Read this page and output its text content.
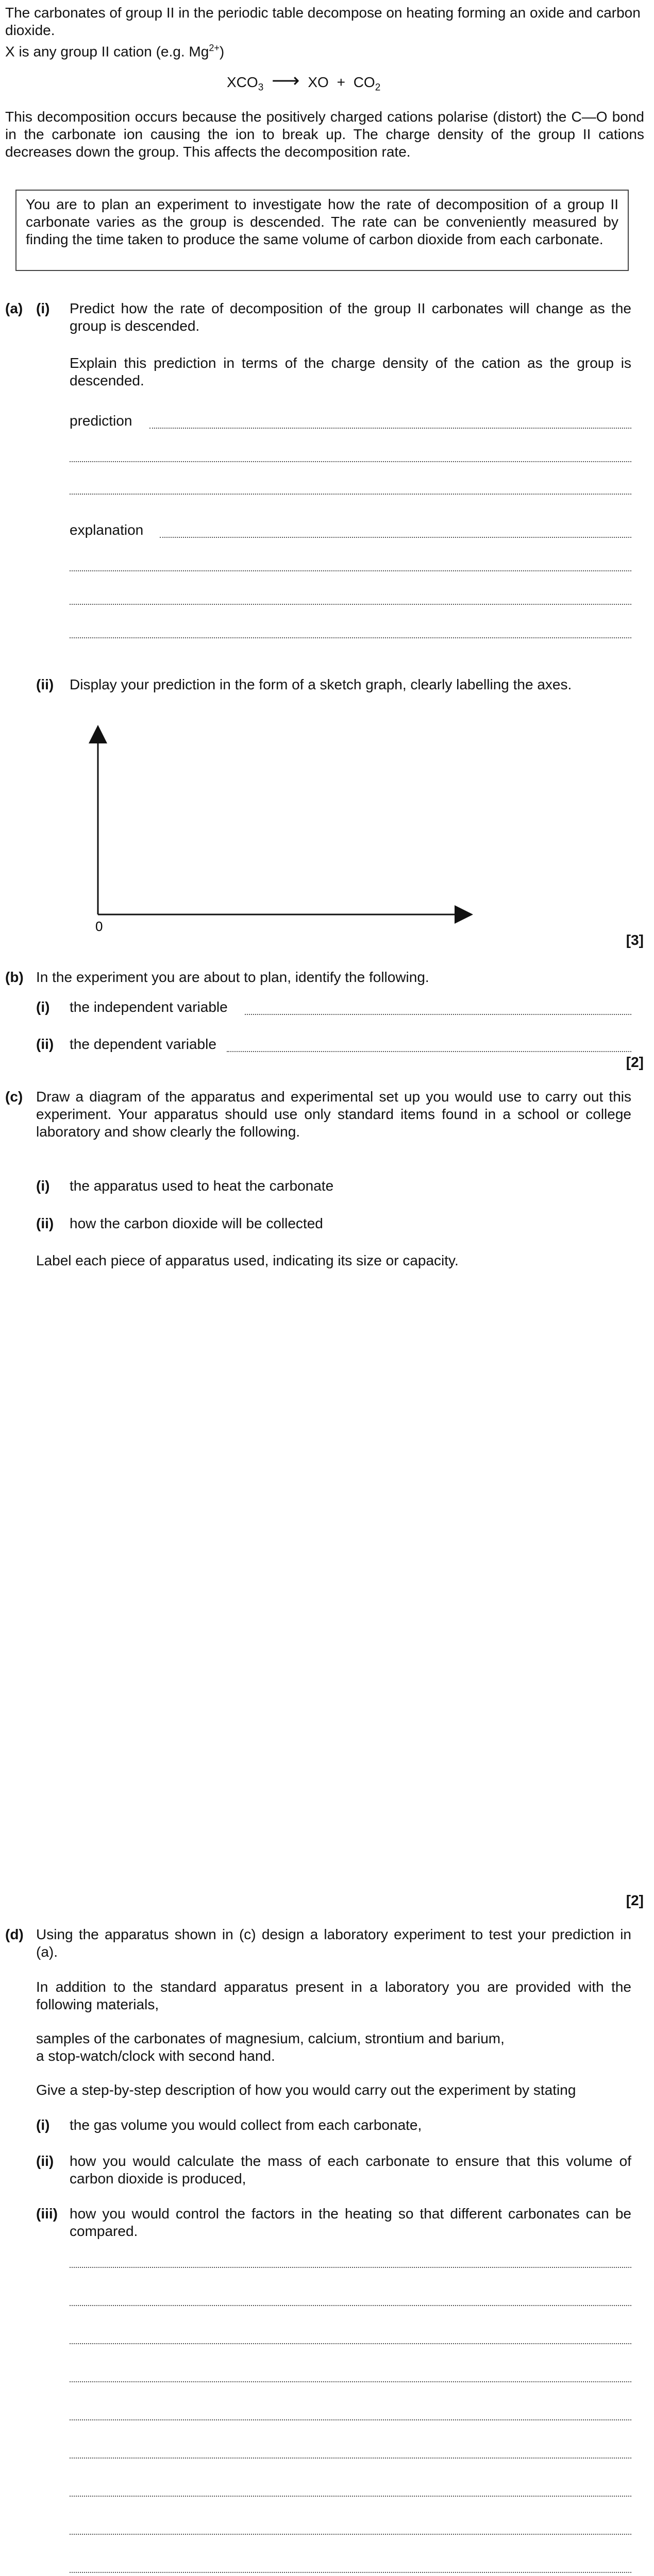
The carbonates of group II in the periodic table decompose on heating forming an oxide and carbon dioxide.
X is any group II cation (e.g. $Mg^{2+}$)
$XCO_3$ ⟶ XO + $CO_2$
This decomposition occurs because the positively charged cations polarise (distort) the C—O bond in the carbonate ion causing the ion to break up. The charge density of the group II cations decreases down the group. This affects the decomposition rate.
You are to plan an experiment to investigate how the rate of decomposition of a group II carbonate varies as the group is descended. The rate can be conveniently measured by finding the time taken to produce the same volume of carbon dioxide from each carbonate.
(a) (i) Predict how the rate of decomposition of the group II carbonates will change as the group is descended.
Explain this prediction in terms of the charge density of the cation as the group is descended.
prediction
explanation
(ii) Display your prediction in the form of a sketch graph, clearly labelling the axes.
0
[3]
(b) In the experiment you are about to plan, identify the following.
(i) the independent variable
(ii) the dependent variable
[2]
(c) Draw a diagram of the apparatus and experimental set up you would use to carry out this experiment. Your apparatus should use only standard items found in a school or college laboratory and show clearly the following.
(i) the apparatus used to heat the carbonate
(ii) how the carbon dioxide will be collected
Label each piece of apparatus used, indicating its size or capacity.
[2]
(d) Using the apparatus shown in (c) design a laboratory experiment to test your prediction in (a).
In addition to the standard apparatus present in a laboratory you are provided with the following materials,
samples of the carbonates of magnesium, calcium, strontium and barium,
a stop-watch/clock with second hand.
Give a step-by-step description of how you would carry out the experiment by stating
(i) the gas volume you would collect from each carbonate,
(ii) how you would calculate the mass of each carbonate to ensure that this volume of carbon dioxide is produced,
(iii) how you would control the factors in the heating so that different carbonates can be compared.
